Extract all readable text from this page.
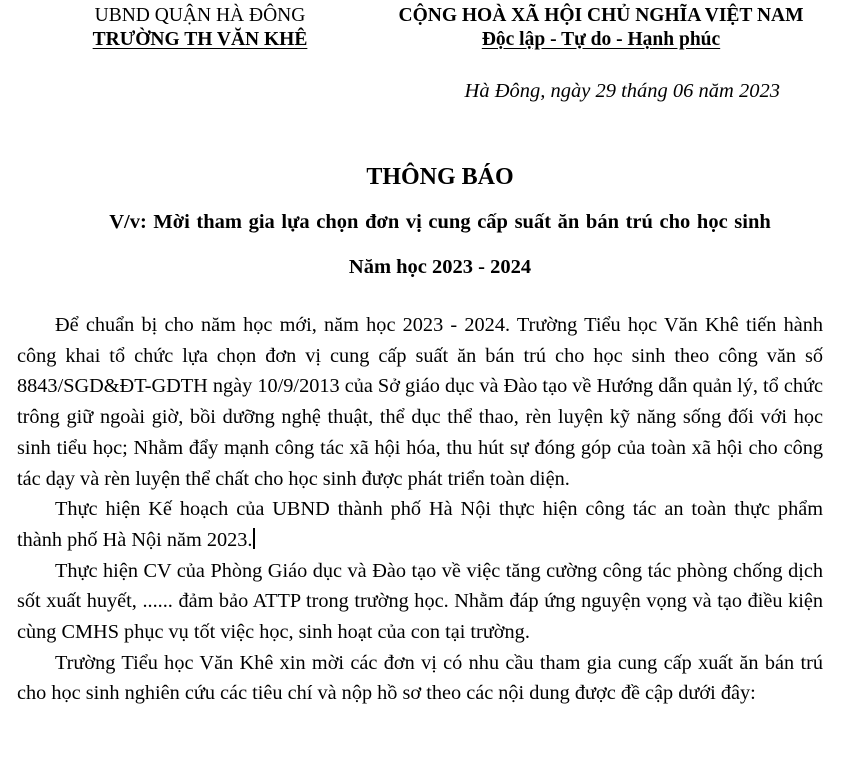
UBND QUẬN HÀ ĐÔNG
TRƯỜNG TH VĂN KHÊ
CỘNG HOÀ XÃ HỘI CHỦ NGHĨA VIỆT NAM
Độc lập - Tự do - Hạnh phúc
Hà Đông, ngày 29 tháng 06 năm 2023
THÔNG BÁO
V/v: Mời tham gia lựa chọn đơn vị cung cấp suất ăn bán trú cho học sinh
Năm học 2023 - 2024

Để chuẩn bị cho năm học mới, năm học 2023 - 2024. Trường Tiểu học Văn Khê tiến hành công khai tổ chức lựa chọn đơn vị cung cấp suất ăn bán trú cho học sinh theo công văn số 8843/SGD&ĐT-GDTH ngày 10/9/2013 của Sở giáo dục và Đào tạo về Hướng dẫn quản lý, tổ chức trông giữ ngoài giờ, bồi dưỡng nghệ thuật, thể dục thể thao, rèn luyện kỹ năng sống đối với học sinh tiểu học; Nhằm đẩy mạnh công tác xã hội hóa, thu hút sự đóng góp của toàn xã hội cho công tác dạy và rèn luyện thể chất cho học sinh được phát triển toàn diện.

Thực hiện Kế hoạch của UBND thành phố Hà Nội thực hiện công tác an toàn thực phẩm thành phố Hà Nội năm 2023.

Thực hiện CV của Phòng Giáo dục và Đào tạo về việc tăng cường công tác phòng chống dịch sốt xuất huyết, ...... đảm bảo ATTP trong trường học. Nhằm đáp ứng nguyện vọng và tạo điều kiện cùng CMHS phục vụ tốt việc học, sinh hoạt của con tại trường.

Trường Tiểu học Văn Khê xin mời các đơn vị có nhu cầu tham gia cung cấp xuất ăn bán trú cho học sinh nghiên cứu các tiêu chí và nộp hồ sơ theo các nội dung được đề cập dưới đây:
